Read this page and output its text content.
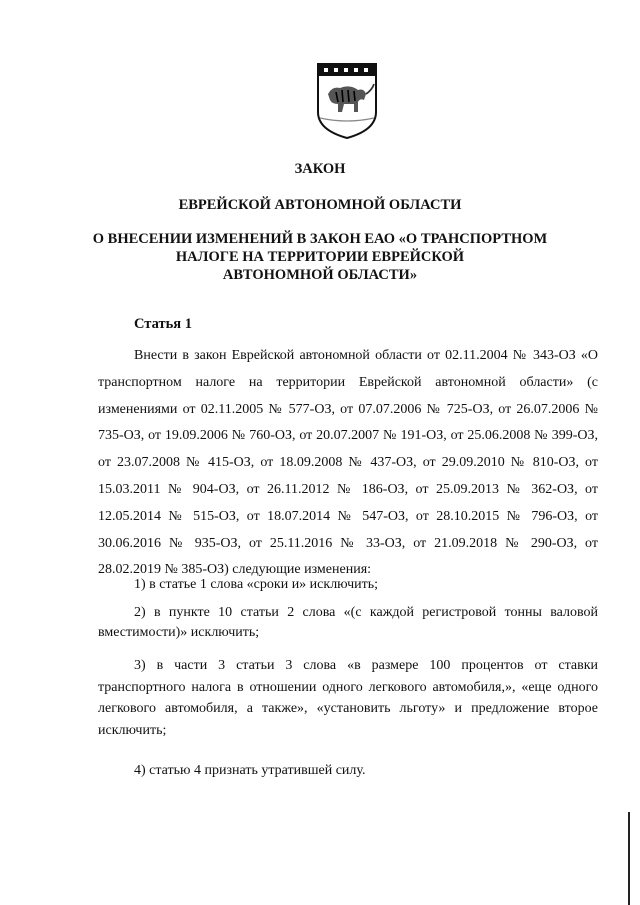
ЗАКОН
ЕВРЕЙСКОЙ АВТОНОМНОЙ ОБЛАСТИ
О ВНЕСЕНИИ ИЗМЕНЕНИЙ В ЗАКОН ЕАО «О ТРАНСПОРТНОМ
НАЛОГЕ НА ТЕРРИТОРИИ ЕВРЕЙСКОЙ
АВТОНОМНОЙ ОБЛАСТИ»
Статья 1
Внести в закон Еврейской автономной области от 02.11.2004 № 343-ОЗ «О транспортном налоге на территории Еврейской автономной области» (с изменениями от 02.11.2005 № 577-ОЗ, от 07.07.2006 № 725-ОЗ, от 26.07.2006 № 735-ОЗ, от 19.09.2006 № 760-ОЗ, от 20.07.2007 № 191-ОЗ, от 25.06.2008 № 399-ОЗ, от 23.07.2008 № 415-ОЗ, от 18.09.2008 № 437-ОЗ, от 29.09.2010 № 810-ОЗ, от 15.03.2011 № 904-ОЗ, от 26.11.2012 № 186-ОЗ, от 25.09.2013 № 362-ОЗ, от 12.05.2014 № 515-ОЗ, от 18.07.2014 № 547-ОЗ, от 28.10.2015 № 796-ОЗ, от 30.06.2016 № 935-ОЗ, от 25.11.2016 № 33-ОЗ, от 21.09.2018 № 290-ОЗ, от 28.02.2019 № 385-ОЗ) следующие изменения:
1) в статье 1 слова «сроки и» исключить;
2) в пункте 10 статьи 2 слова «(с каждой регистровой тонны валовой вместимости)» исключить;
3) в части 3 статьи 3 слова «в размере 100 процентов от ставки транспортного налога в отношении одного легкового автомобиля,», «еще одного легкового автомобиля, а также», «установить льготу» и предложение второе исключить;
4) статью 4 признать утратившей силу.
